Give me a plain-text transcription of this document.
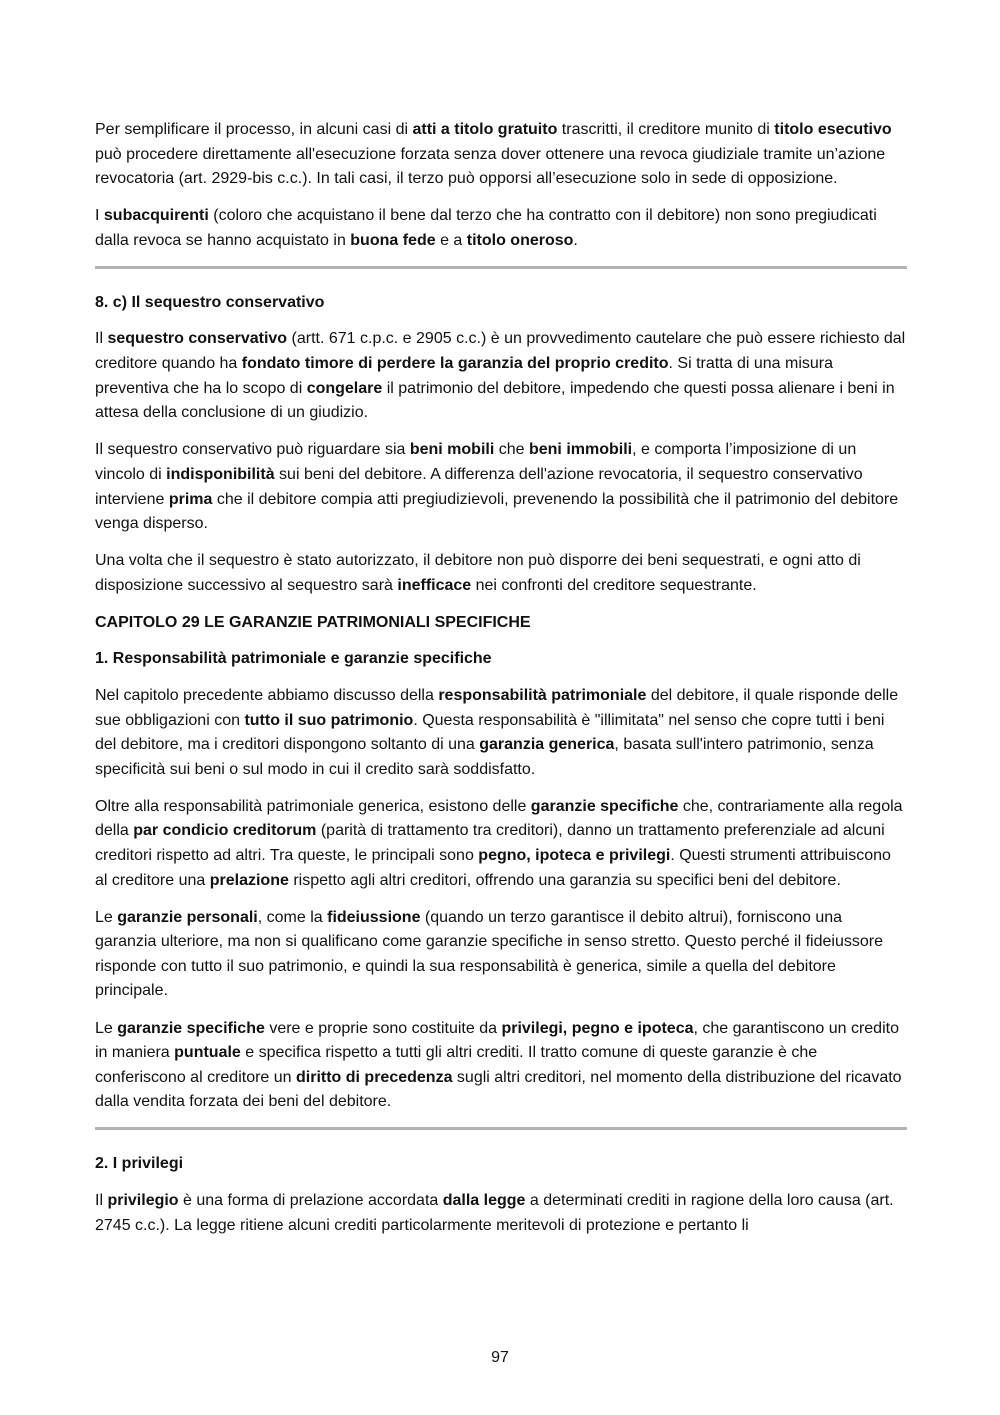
Per semplificare il processo, in alcuni casi di atti a titolo gratuito trascritti, il creditore munito di titolo esecutivo può procedere direttamente all'esecuzione forzata senza dover ottenere una revoca giudiziale tramite un’azione revocatoria (art. 2929-bis c.c.). In tali casi, il terzo può opporsi all’esecuzione solo in sede di opposizione.

I subacquirenti (coloro che acquistano il bene dal terzo che ha contratto con il debitore) non sono pregiudicati dalla revoca se hanno acquistato in buona fede e a titolo oneroso.

8. c) Il sequestro conservativo

Il sequestro conservativo (artt. 671 c.p.c. e 2905 c.c.) è un provvedimento cautelare che può essere richiesto dal creditore quando ha fondato timore di perdere la garanzia del proprio credito. Si tratta di una misura preventiva che ha lo scopo di congelare il patrimonio del debitore, impedendo che questi possa alienare i beni in attesa della conclusione di un giudizio.

Il sequestro conservativo può riguardare sia beni mobili che beni immobili, e comporta l’imposizione di un vincolo di indisponibilità sui beni del debitore. A differenza dell'azione revocatoria, il sequestro conservativo interviene prima che il debitore compia atti pregiudizievoli, prevenendo la possibilità che il patrimonio del debitore venga disperso.

Una volta che il sequestro è stato autorizzato, il debitore non può disporre dei beni sequestrati, e ogni atto di disposizione successivo al sequestro sarà inefficace nei confronti del creditore sequestrante.

CAPITOLO 29 LE GARANZIE PATRIMONIALI SPECIFICHE
1. Responsabilità patrimoniale e garanzie specifiche

Nel capitolo precedente abbiamo discusso della responsabilità patrimoniale del debitore, il quale risponde delle sue obbligazioni con tutto il suo patrimonio. Questa responsabilità è "illimitata" nel senso che copre tutti i beni del debitore, ma i creditori dispongono soltanto di una garanzia generica, basata sull'intero patrimonio, senza specificità sui beni o sul modo in cui il credito sarà soddisfatto.

Oltre alla responsabilità patrimoniale generica, esistono delle garanzie specifiche che, contrariamente alla regola della par condicio creditorum (parità di trattamento tra creditori), danno un trattamento preferenziale ad alcuni creditori rispetto ad altri. Tra queste, le principali sono pegno, ipoteca e privilegi. Questi strumenti attribuiscono al creditore una prelazione rispetto agli altri creditori, offrendo una garanzia su specifici beni del debitore.

Le garanzie personali, come la fideiussione (quando un terzo garantisce il debito altrui), forniscono una garanzia ulteriore, ma non si qualificano come garanzie specifiche in senso stretto. Questo perché il fideiussore risponde con tutto il suo patrimonio, e quindi la sua responsabilità è generica, simile a quella del debitore principale.

Le garanzie specifiche vere e proprie sono costituite da privilegi, pegno e ipoteca, che garantiscono un credito in maniera puntuale e specifica rispetto a tutti gli altri crediti. Il tratto comune di queste garanzie è che conferiscono al creditore un diritto di precedenza sugli altri creditori, nel momento della distribuzione del ricavato dalla vendita forzata dei beni del debitore.

2. I privilegi

Il privilegio è una forma di prelazione accordata dalla legge a determinati crediti in ragione della loro causa (art. 2745 c.c.). La legge ritiene alcuni crediti particolarmente meritevoli di protezione e pertanto li

97
